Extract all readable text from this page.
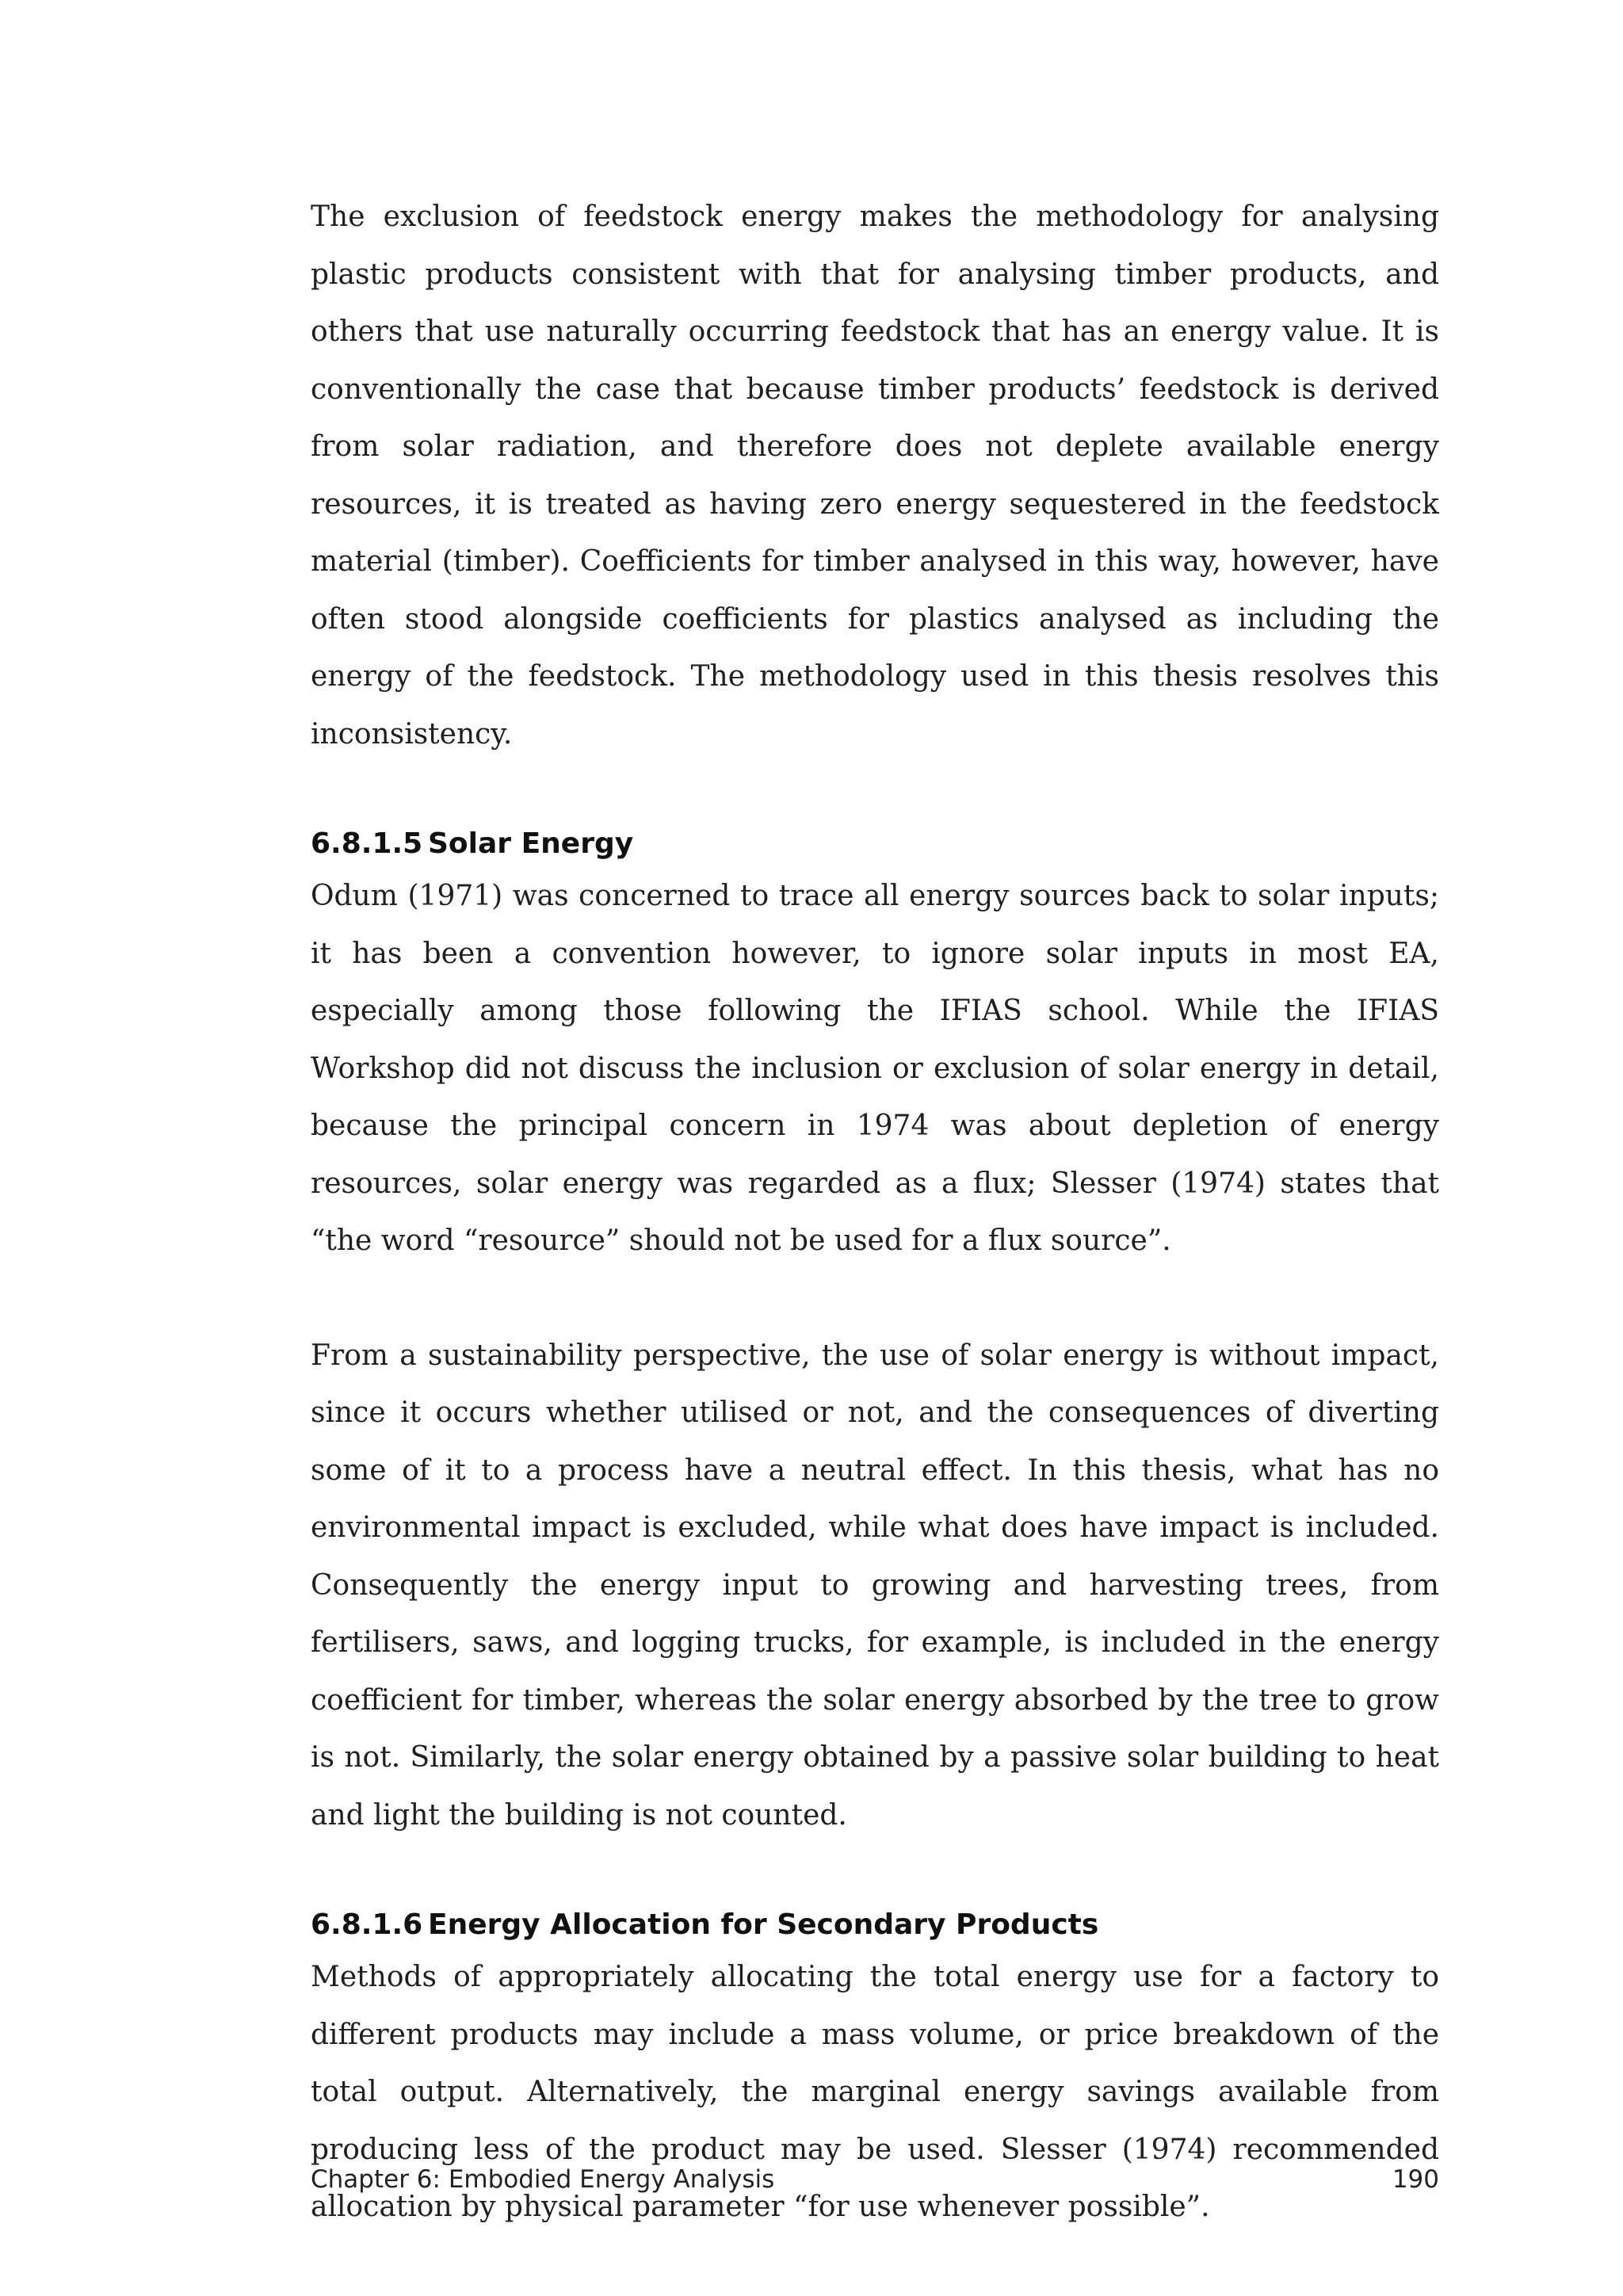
The exclusion of feedstock energy makes the methodology for analysing plastic products consistent with that for analysing timber products, and others that use naturally occurring feedstock that has an energy value. It is conventionally the case that because timber products’ feedstock is derived from solar radiation, and therefore does not deplete available energy resources, it is treated as having zero energy sequestered in the feedstock material (timber). Coefficients for timber analysed in this way, however, have often stood alongside coefficients for plastics analysed as including the energy of the feedstock. The methodology used in this thesis resolves this inconsistency.

6.8.1.5 Solar Energy

Odum (1971) was concerned to trace all energy sources back to solar inputs; it has been a convention however, to ignore solar inputs in most EA, especially among those following the IFIAS school. While the IFIAS Workshop did not discuss the inclusion or exclusion of solar energy in detail, because the principal concern in 1974 was about depletion of energy resources, solar energy was regarded as a flux; Slesser (1974) states that “the word “resource” should not be used for a flux source”.

From a sustainability perspective, the use of solar energy is without impact, since it occurs whether utilised or not, and the consequences of diverting some of it to a process have a neutral effect. In this thesis, what has no environmental impact is excluded, while what does have impact is included. Consequently the energy input to growing and harvesting trees, from fertilisers, saws, and logging trucks, for example, is included in the energy coefficient for timber, whereas the solar energy absorbed by the tree to grow is not. Similarly, the solar energy obtained by a passive solar building to heat and light the building is not counted.

6.8.1.6 Energy Allocation for Secondary Products

Methods of appropriately allocating the total energy use for a factory to different products may include a mass volume, or price breakdown of the total output. Alternatively, the marginal energy savings available from producing less of the product may be used. Slesser (1974) recommended allocation by physical parameter “for use whenever possible”.

Chapter 6: Embodied Energy Analysis	190
